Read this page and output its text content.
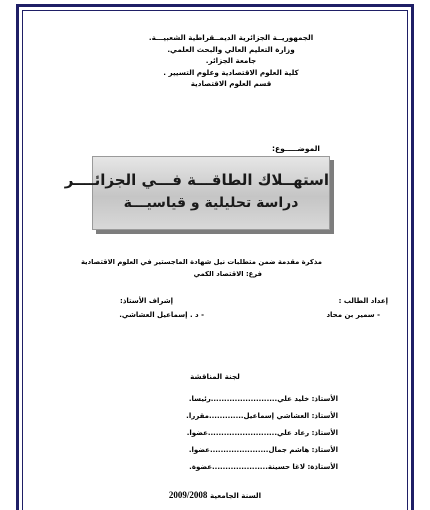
الجمهوريــة الجزائرية الديمــقراطية الشعبيـــة.
وزارة التعليم العالي والبحث العلمي.
جامعة الجزائر.
كلية العلوم الاقتصادية وعلوم التسيير .
قسم العلوم الاقتصادية
الموضـــــوع:
استهــلاك الطاقـــة فـــي الجزائــــر
دراسة تحليلية و قياسيـــة
مذكرة مقدمة ضمن متطلبات نيل شهادة الماجستير في العلوم الاقتصادية
فرع: الاقتصاد الكمي
إعداد الطالب :
- سمير بن محاد
إشراف الأستاذ:
- د . إسماعيل العشاشي.
لجنة المناقشة
الأستاذ: خليد علي.........................رئيسا.
الأستاذ: العشاشي إسماعيل.............مقررا.
الأستاذ: رعاد علي..........................عضوا.
الأستاذ: هاشم جمال......................عضوا.
الأستاذة: لاغا حسينة.....................عضوة.
السنة الجامعية 2009/2008
